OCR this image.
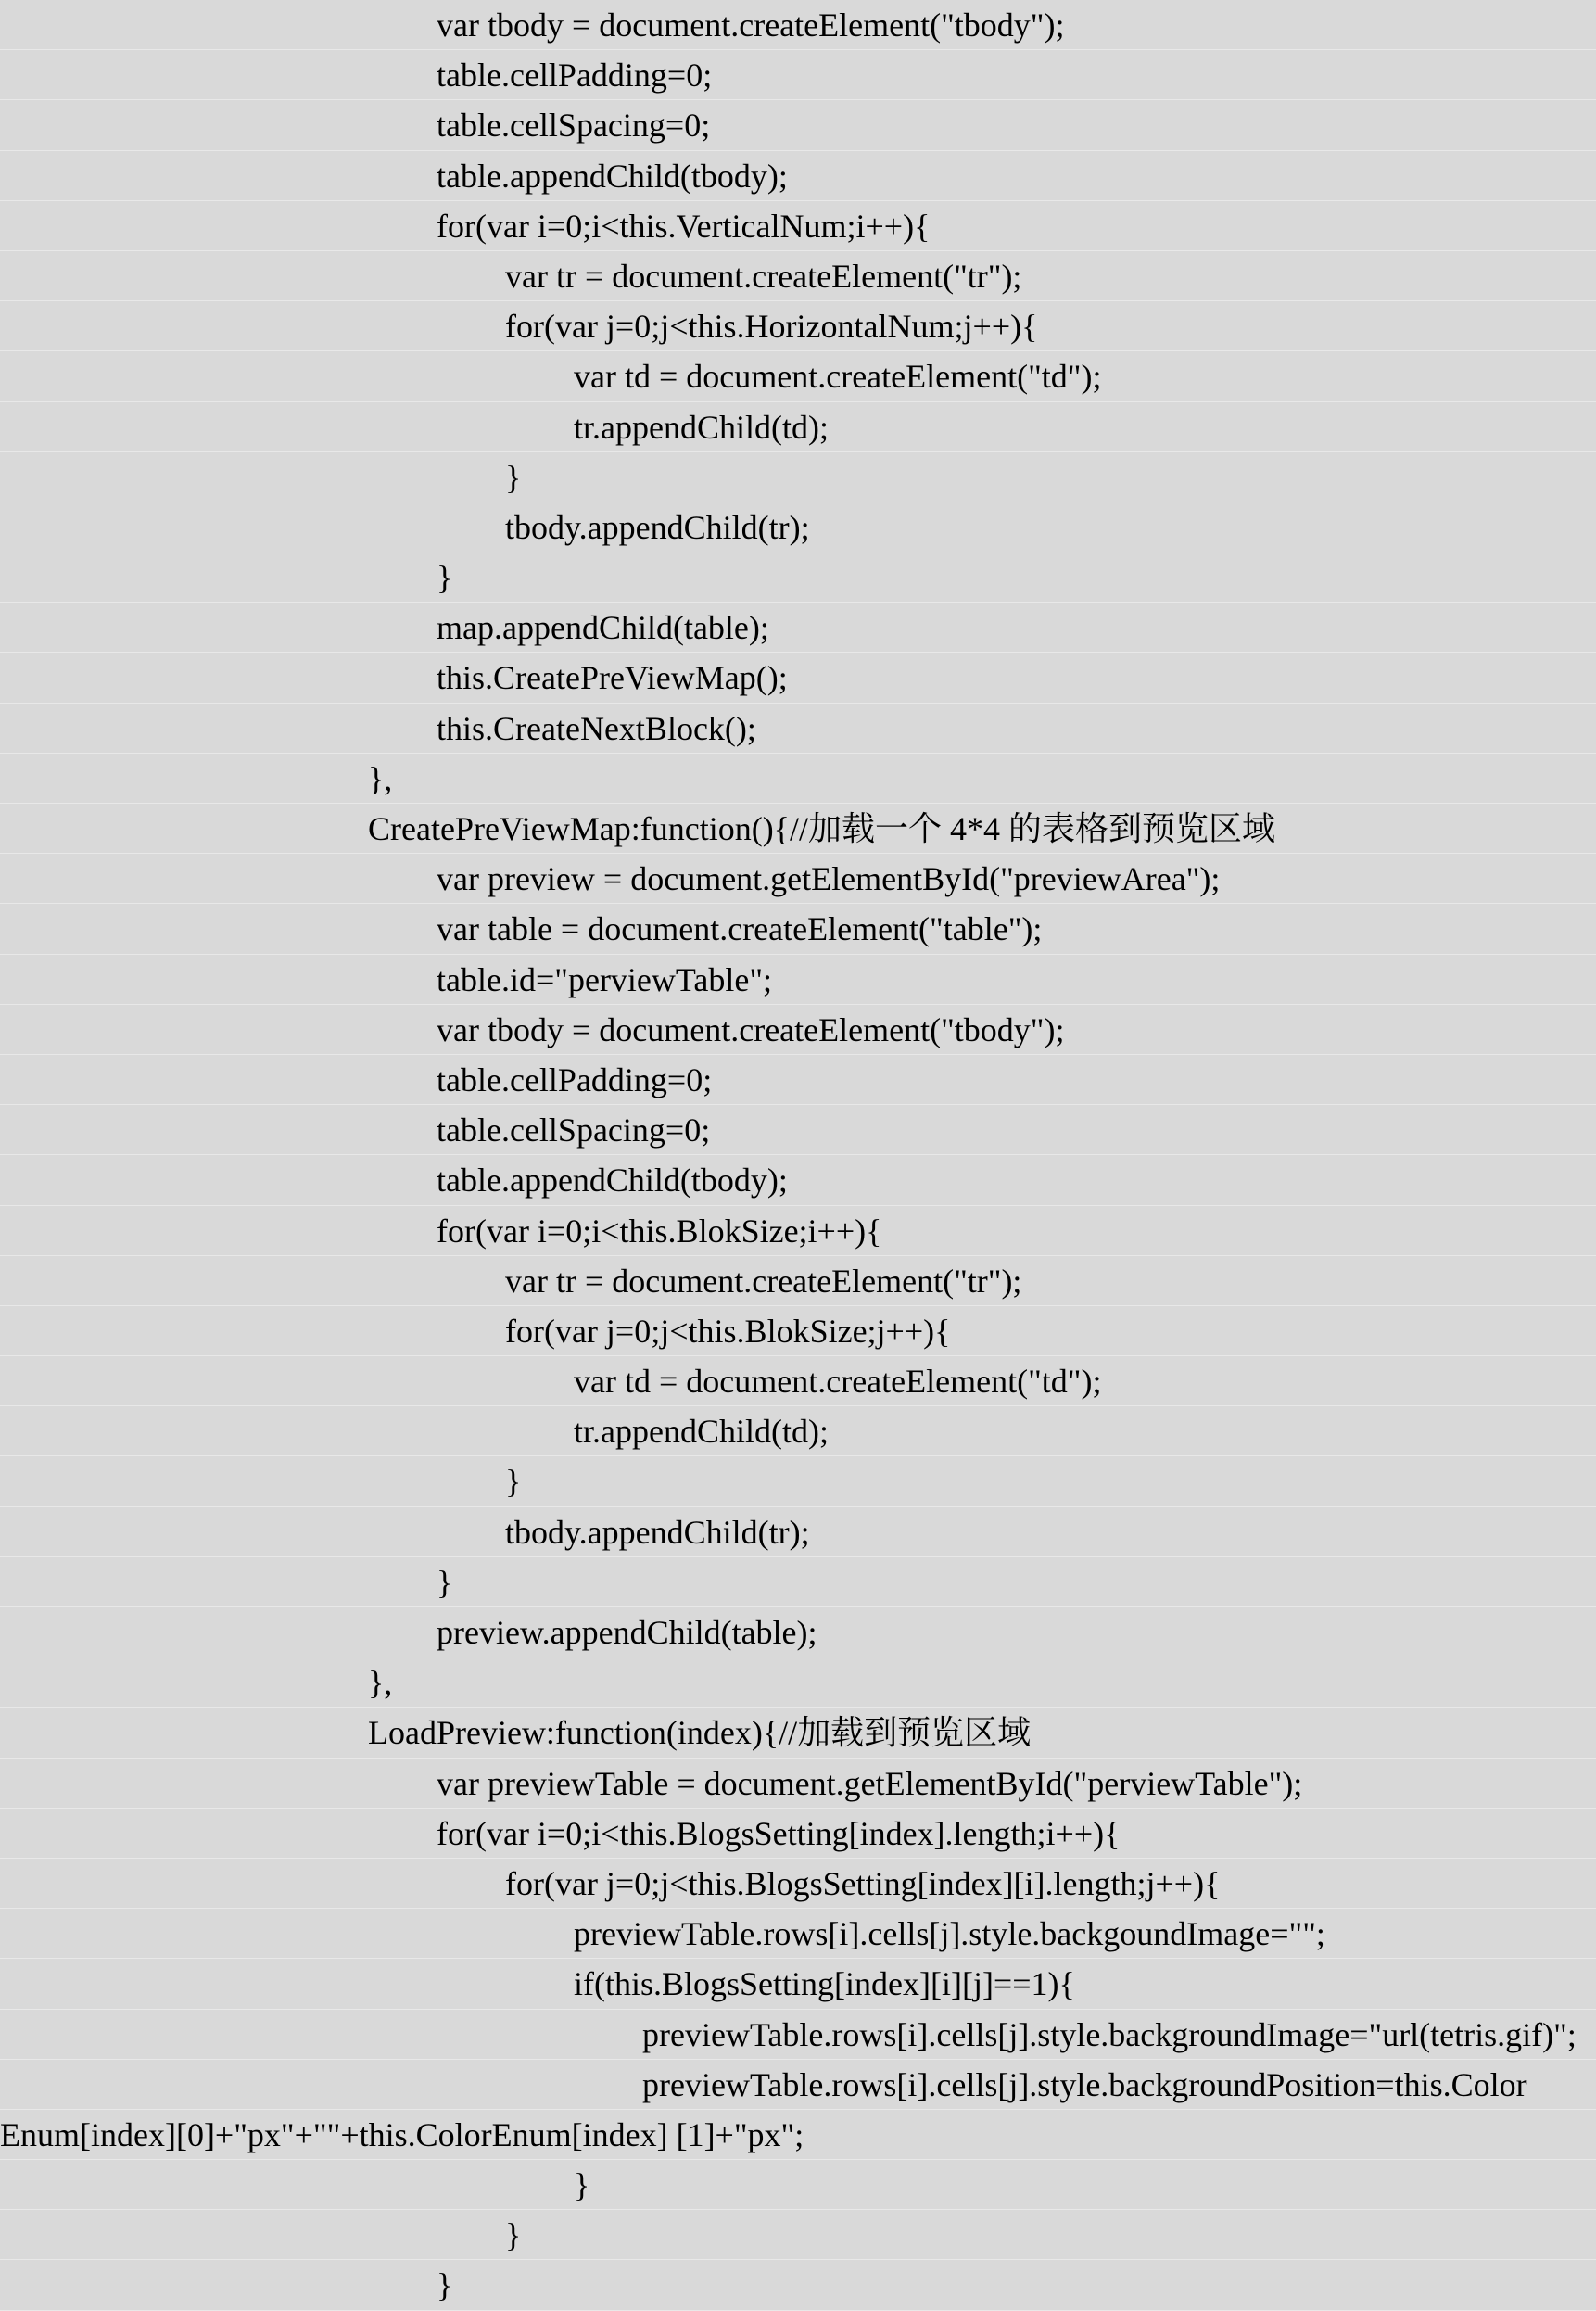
var tbody = document.createElement("tbody");
table.cellPadding=0;
table.cellSpacing=0;
table.appendChild(tbody);
for(var i=0;i<this.VerticalNum;i++){
var tr = document.createElement("tr");
for(var j=0;j<this.HorizontalNum;j++){
var td = document.createElement("td");
tr.appendChild(td);
}
tbody.appendChild(tr);
}
map.appendChild(table);
this.CreatePreViewMap();
this.CreateNextBlock();
},
CreatePreViewMap:function(){//加载一个 4*4 的表格到预览区域
var preview = document.getElementById("previewArea");
var table = document.createElement("table");
table.id="perviewTable";
var tbody = document.createElement("tbody");
table.cellPadding=0;
table.cellSpacing=0;
table.appendChild(tbody);
for(var i=0;i<this.BlokSize;i++){
var tr = document.createElement("tr");
for(var j=0;j<this.BlokSize;j++){
var td = document.createElement("td");
tr.appendChild(td);
}
tbody.appendChild(tr);
}
preview.appendChild(table);
},
LoadPreview:function(index){//加载到预览区域
var previewTable = document.getElementById("perviewTable");
for(var i=0;i<this.BlogsSetting[index].length;i++){
for(var j=0;j<this.BlogsSetting[index][i].length;j++){
previewTable.rows[i].cells[j].style.backgoundImage="";
if(this.BlogsSetting[index][i][j]==1){
previewTable.rows[i].cells[j].style.backgroundImage="url(tetris.gif)";
previewTable.rows[i].cells[j].style.backgroundPosition=this.Color
Enum[index][0]+"px"+""+this.ColorEnum[index] [1]+"px";
}
}
}
